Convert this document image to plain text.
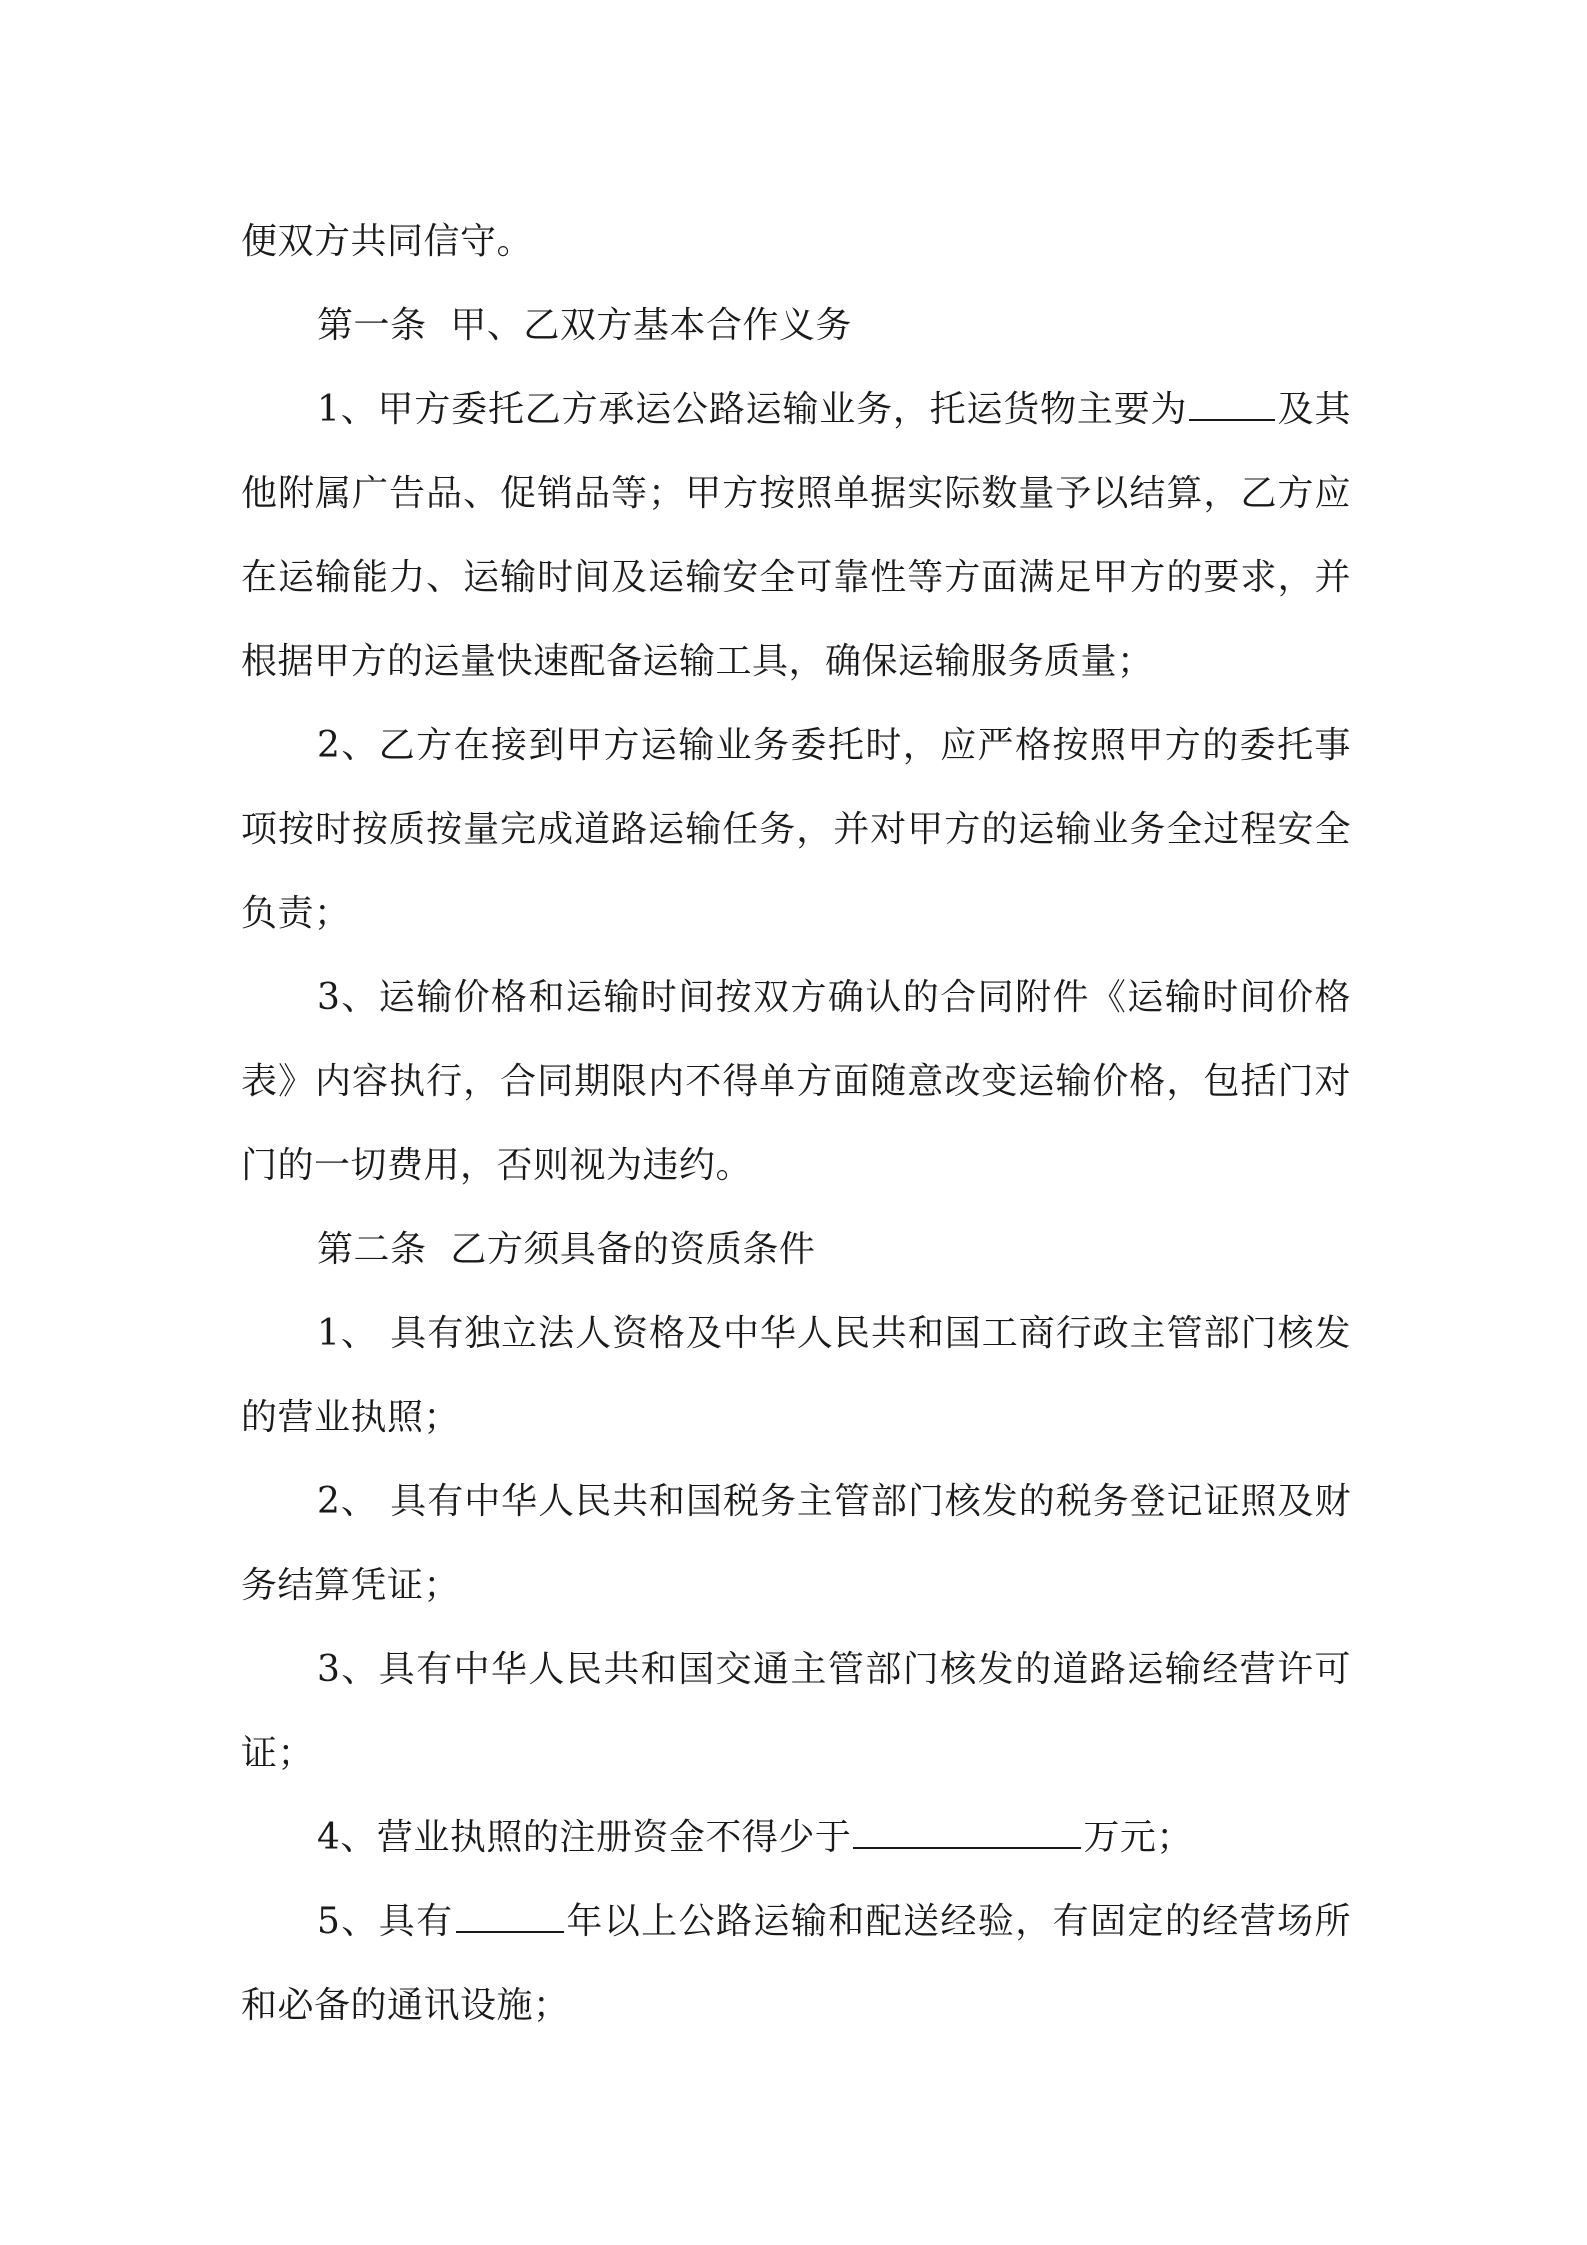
便双方共同信守。

第一条  甲、乙双方基本合作义务

1、甲方委托乙方承运公路运输业务，托运货物主要为	及其他附属广告品、促销品等；甲方按照单据实际数量予以结算，乙方应在运输能力、运输时间及运输安全可靠性等方面满足甲方的要求，并根据甲方的运量快速配备运输工具，确保运输服务质量；

2、乙方在接到甲方运输业务委托时，应严格按照甲方的委托事项按时按质按量完成道路运输任务，并对甲方的运输业务全过程安全负责；

3、运输价格和运输时间按双方确认的合同附件《运输时间价格表》内容执行，合同期限内不得单方面随意改变运输价格，包括门对门的一切费用，否则视为违约。

第二条  乙方须具备的资质条件

1、 具有独立法人资格及中华人民共和国工商行政主管部门核发的营业执照；

2、 具有中华人民共和国税务主管部门核发的税务登记证照及财务结算凭证；

3、具有中华人民共和国交通主管部门核发的道路运输经营许可证；

4、营业执照的注册资金不得少于	万元；

5、具有	年以上公路运输和配送经验，有固定的经营场所和必备的通讯设施；
